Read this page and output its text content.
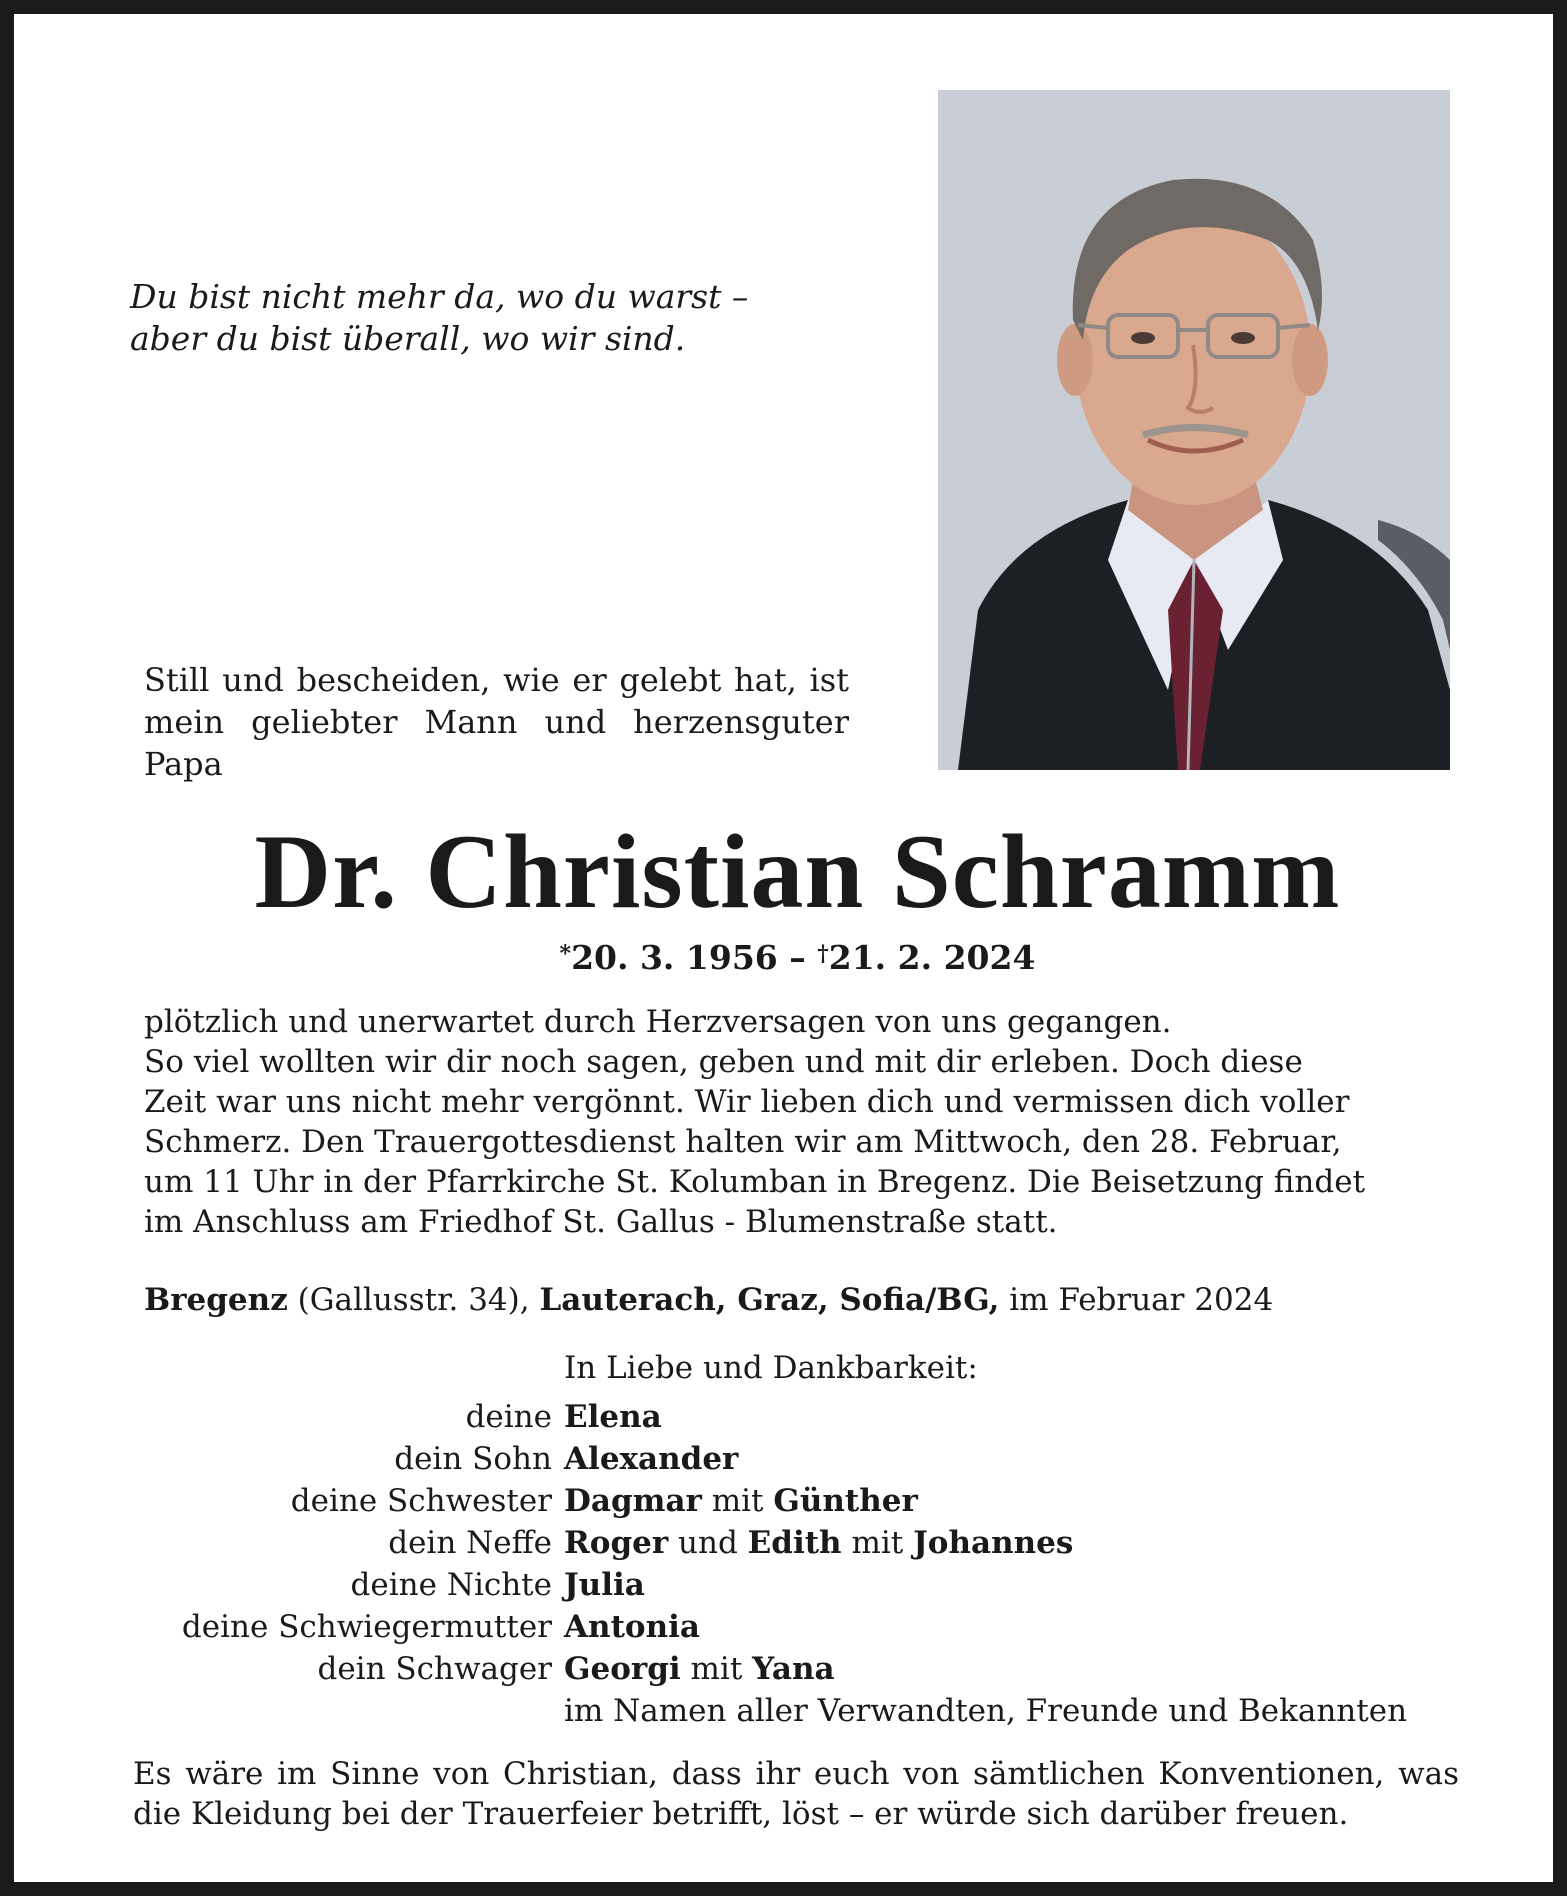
Du bist nicht mehr da, wo du warst –
aber du bist überall, wo wir sind.

Still und bescheiden, wie er gelebt hat, ist mein geliebter Mann und herzensguter Papa

Dr. Christian Schramm
*20. 3. 1956 – †21. 2. 2024

plötzlich und unerwartet durch Herzversagen von uns gegangen.

So viel wollten wir dir noch sagen, geben und mit dir erleben. Doch diese

Zeit war uns nicht mehr vergönnt. Wir lieben dich und vermissen dich voller

Schmerz. Den Trauergottesdienst halten wir am Mittwoch, den 28. Februar,

um 11 Uhr in der Pfarrkirche St. Kolumban in Bregenz. Die Beisetzung findet

im Anschluss am Friedhof St. Gallus - Blumenstraße statt.

Bregenz (Gallusstr. 34), Lauterach, Graz, Sofia/BG, im Februar 2024
In Liebe und Dankbarkeit:
deine Elena
dein Sohn Alexander
deine Schwester Dagmar mit Günther
dein Neffe Roger und Edith mit Johannes
deine Nichte Julia
deine Schwiegermutter Antonia
dein Schwager Georgi mit Yana
im Namen aller Verwandten, Freunde und Bekannten

Es wäre im Sinne von Christian, dass ihr euch von sämtlichen Konventionen, was die Kleidung bei der Trauerfeier betrifft, löst – er würde sich darüber freuen.
